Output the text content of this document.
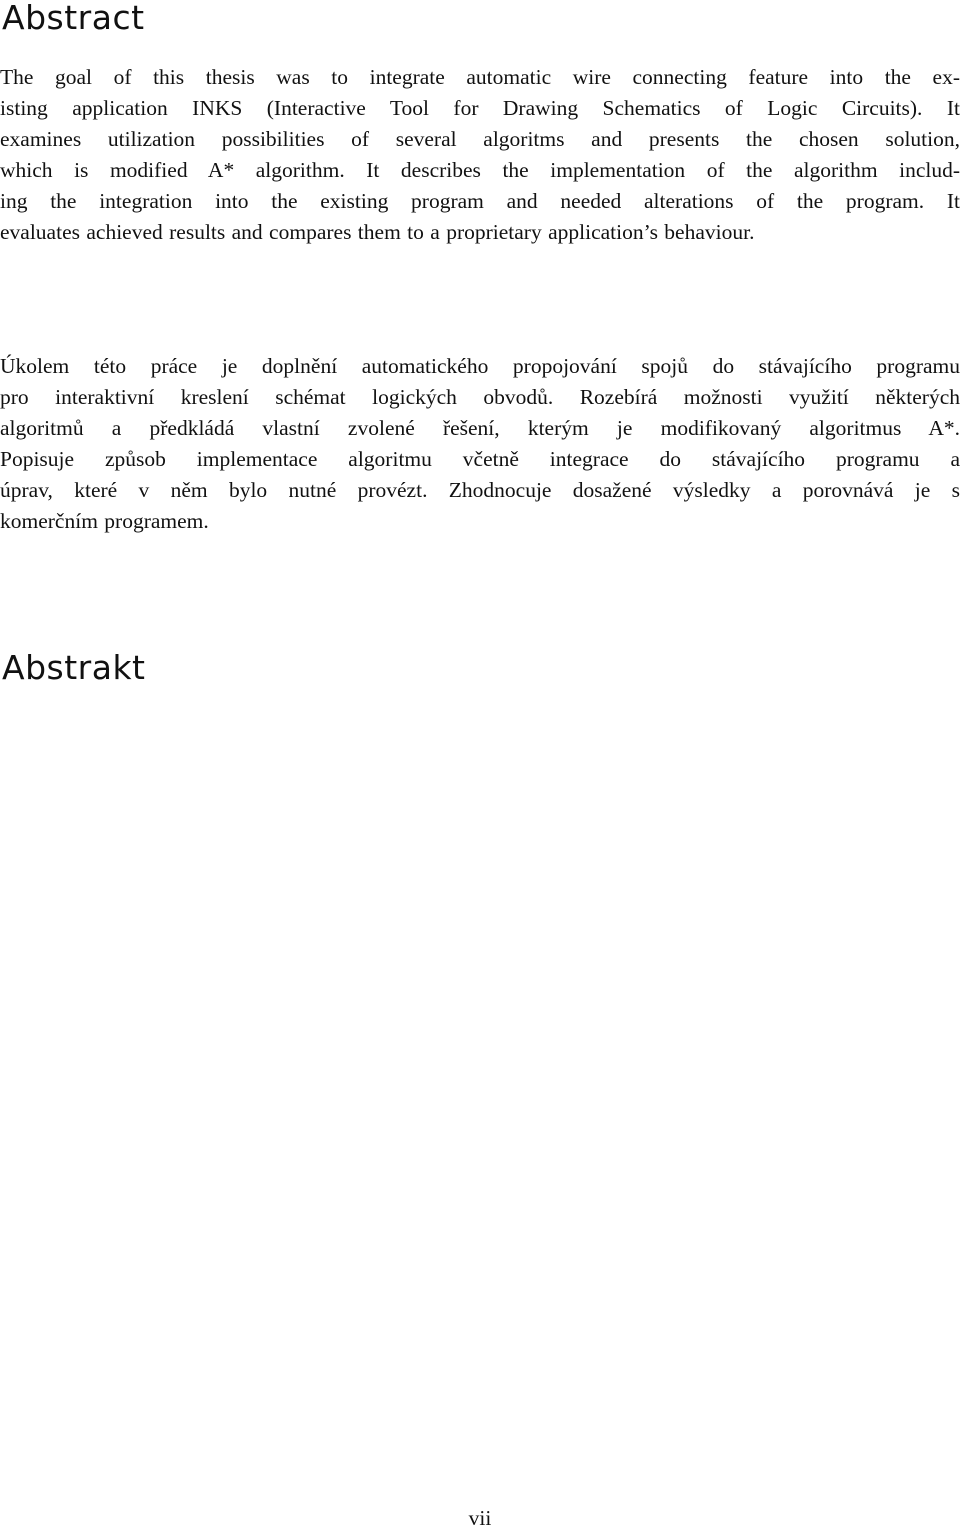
Abstract
The goal of this thesis was to integrate automatic wire connecting feature into the ex-
isting application INKS (Interactive Tool for Drawing Schematics of Logic Circuits). It
examines utilization possibilities of several algoritms and presents the chosen solution,
which is modified A* algorithm. It describes the implementation of the algorithm includ-
ing the integration into the existing program and needed alterations of the program. It
evaluates achieved results and compares them to a proprietary application’s behaviour.
Abstrakt
Úkolem této práce je doplnění automatického propojování spojů do stávajícího programu
pro interaktivní kreslení schémat logických obvodů. Rozebírá možnosti využití některých
algoritmů a předkládá vlastní zvolené řešení, kterým je modifikovaný algoritmus A*.
Popisuje způsob implementace algoritmu včetně integrace do stávajícího programu a
úprav, které v něm bylo nutné provézt. Zhodnocuje dosažené výsledky a porovnává je s
komerčním programem.
vii
